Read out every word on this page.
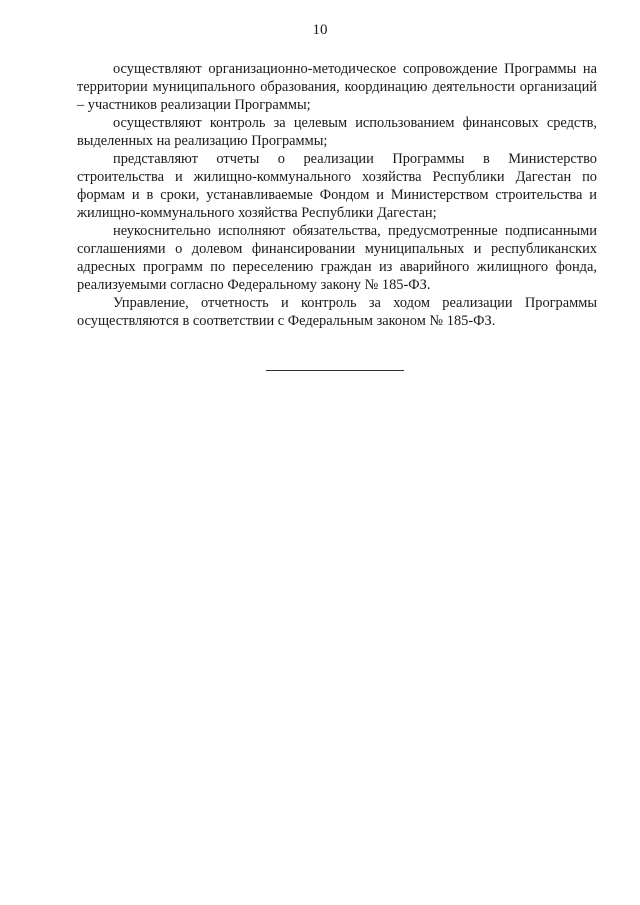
10

осуществляют организационно-методическое сопровождение Программы на территории муниципального образования, координацию деятельности организаций – участников реализации Программы;

осуществляют контроль за целевым использованием финансовых средств, выделенных на реализацию Программы;

представляют отчеты о реализации Программы в Министерство строительства и жилищно-коммунального хозяйства Республики Дагестан по формам и в сроки, устанавливаемые Фондом и Министерством строительства и жилищно-коммунального хозяйства Республики Дагестан;

неукоснительно исполняют обязательства, предусмотренные подписанными соглашениями о долевом финансировании муниципальных и республиканских адресных программ по переселению граждан из аварийного жилищного фонда, реализуемыми согласно Федеральному закону № 185-ФЗ.

Управление, отчетность и контроль за ходом реализации Программы осуществляются в соответствии с Федеральным законом № 185-ФЗ.
